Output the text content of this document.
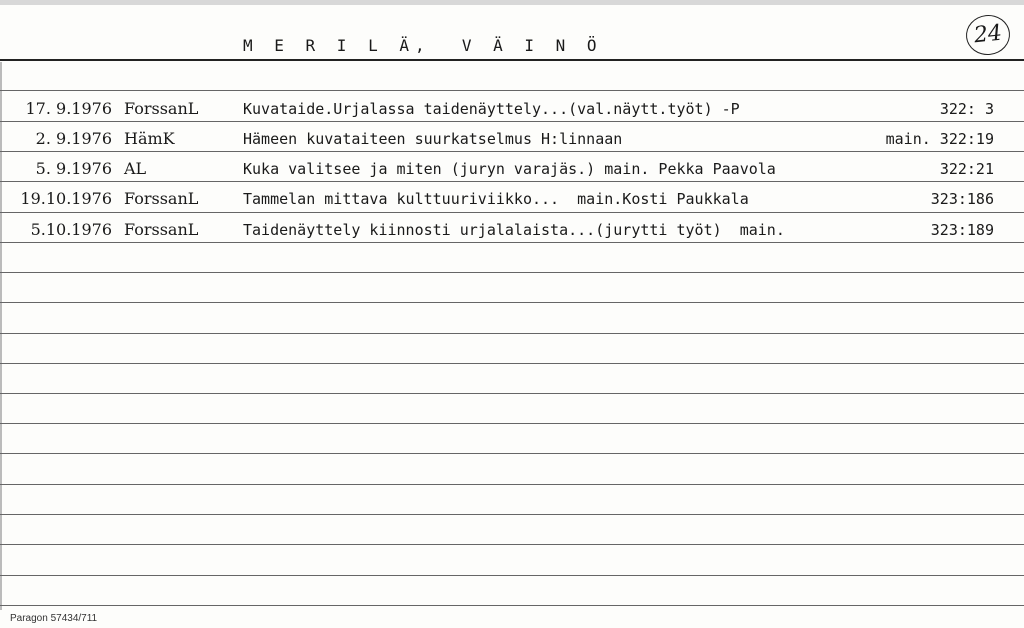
M E R I L Ä,  V Ä I N Ö	24
17. 9.1976 ForssanL	Kuvataide.Urjalassa taidenäyttely...(val.näytt.työt) -P	322: 3
2. 9.1976 HämK	Hämeen kuvataiteen suurkatselmus H:linnaan	main. 322:19
5. 9.1976 AL	Kuka valitsee ja miten (juryn varajäs.) main. Pekka Paavola	322:21
19.10.1976 ForssanL	Tammelan mittava kulttuuriviikko...  main.Kosti Paukkala	323:186
5.10.1976 ForssanL	Taidenäyttely kiinnosti urjalalaista...(jurytti työt)  main.	323:189
Paragon 57434/711
